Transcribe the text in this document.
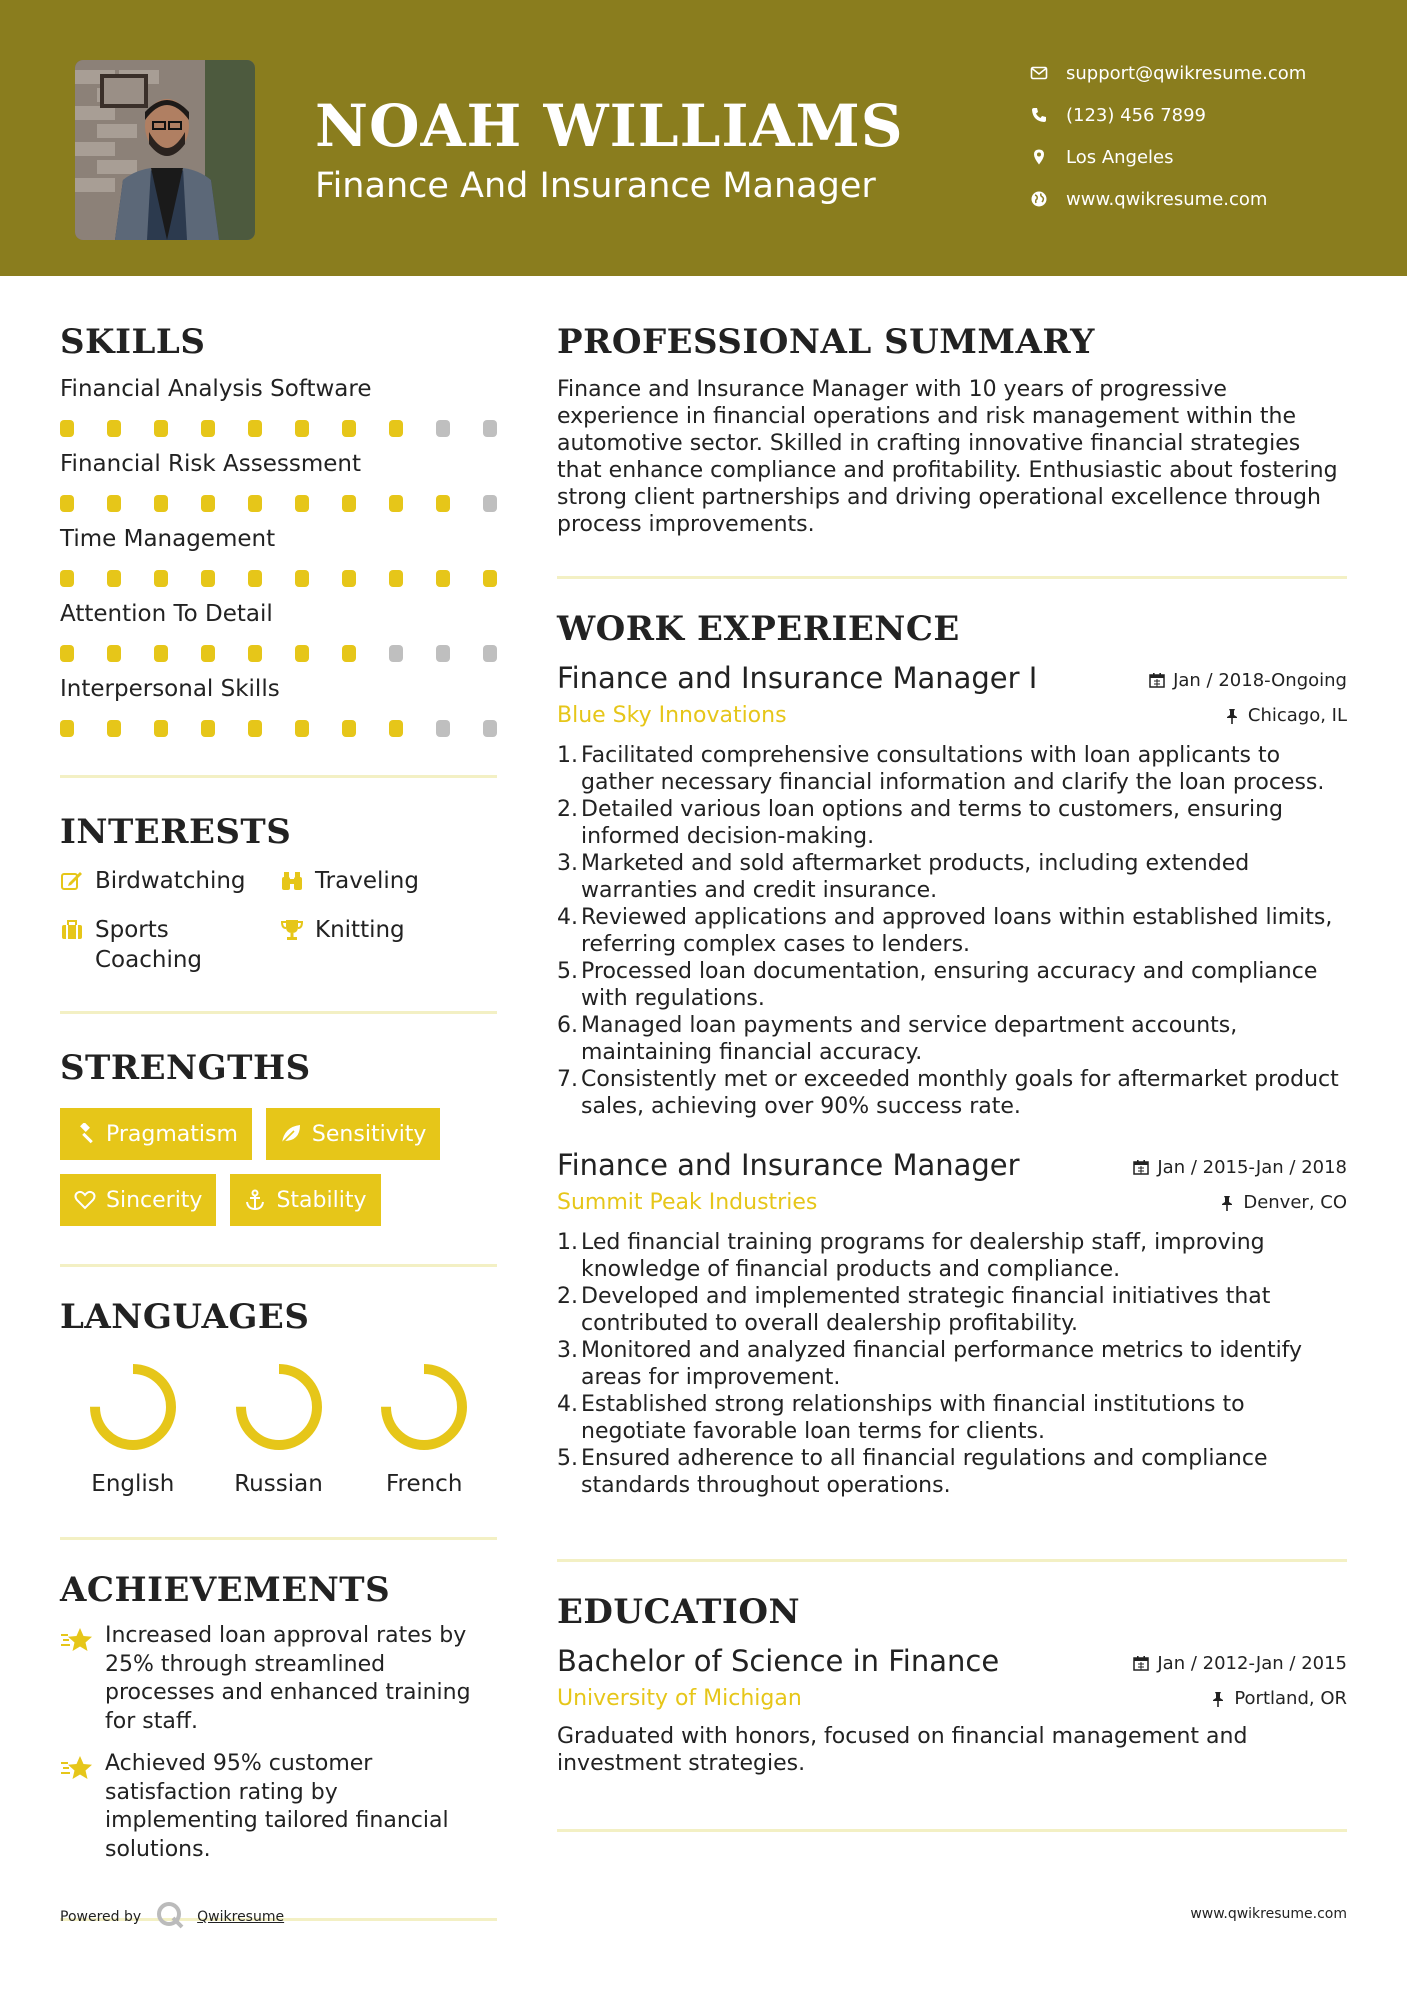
NOAH WILLIAMS
Finance And Insurance Manager
support@qwikresume.com
(123) 456 7899
Los Angeles
www.qwikresume.com
SKILLS
Financial Analysis Software
Financial Risk Assessment
Time Management
Attention To Detail
Interpersonal Skills
INTERESTS
Birdwatching	Traveling
Sports Coaching
Knitting
STRENGTHS
Pragmatism	Sensitivity
Sincerity	Stability
LANGUAGES
English	Russian	French
ACHIEVEMENTS
Increased loan approval rates by 25% through streamlined processes and enhanced training for staff.
Achieved 95% customer satisfaction rating by implementing tailored financial solutions.
Powered by	Qwikresume	www.qwikresume.com
PROFESSIONAL SUMMARY
Finance and Insurance Manager with 10 years of progressive experience in financial operations and risk management within the automotive sector. Skilled in crafting innovative financial strategies that enhance compliance and profitability. Enthusiastic about fostering strong client partnerships and driving operational excellence through process improvements.
WORK EXPERIENCE
Finance and Insurance Manager I	Jan / 2018-Ongoing
Blue Sky Innovations	Chicago, IL
1. Facilitated comprehensive consultations with loan applicants to gather necessary financial information and clarify the loan process.
2. Detailed various loan options and terms to customers, ensuring informed decision-making.
3. Marketed and sold aftermarket products, including extended warranties and credit insurance.
4. Reviewed applications and approved loans within established limits, referring complex cases to lenders.
5. Processed loan documentation, ensuring accuracy and compliance with regulations.
6. Managed loan payments and service department accounts, maintaining financial accuracy.
7. Consistently met or exceeded monthly goals for aftermarket product sales, achieving over 90% success rate.
Finance and Insurance Manager	Jan / 2015-Jan / 2018
Summit Peak Industries	Denver, CO
1. Led financial training programs for dealership staff, improving knowledge of financial products and compliance.
2. Developed and implemented strategic financial initiatives that contributed to overall dealership profitability.
3. Monitored and analyzed financial performance metrics to identify areas for improvement.
4. Established strong relationships with financial institutions to negotiate favorable loan terms for clients.
5. Ensured adherence to all financial regulations and compliance standards throughout operations.
EDUCATION
Bachelor of Science in Finance	Jan / 2012-Jan / 2015
University of Michigan	Portland, OR
Graduated with honors, focused on financial management and investment strategies.
